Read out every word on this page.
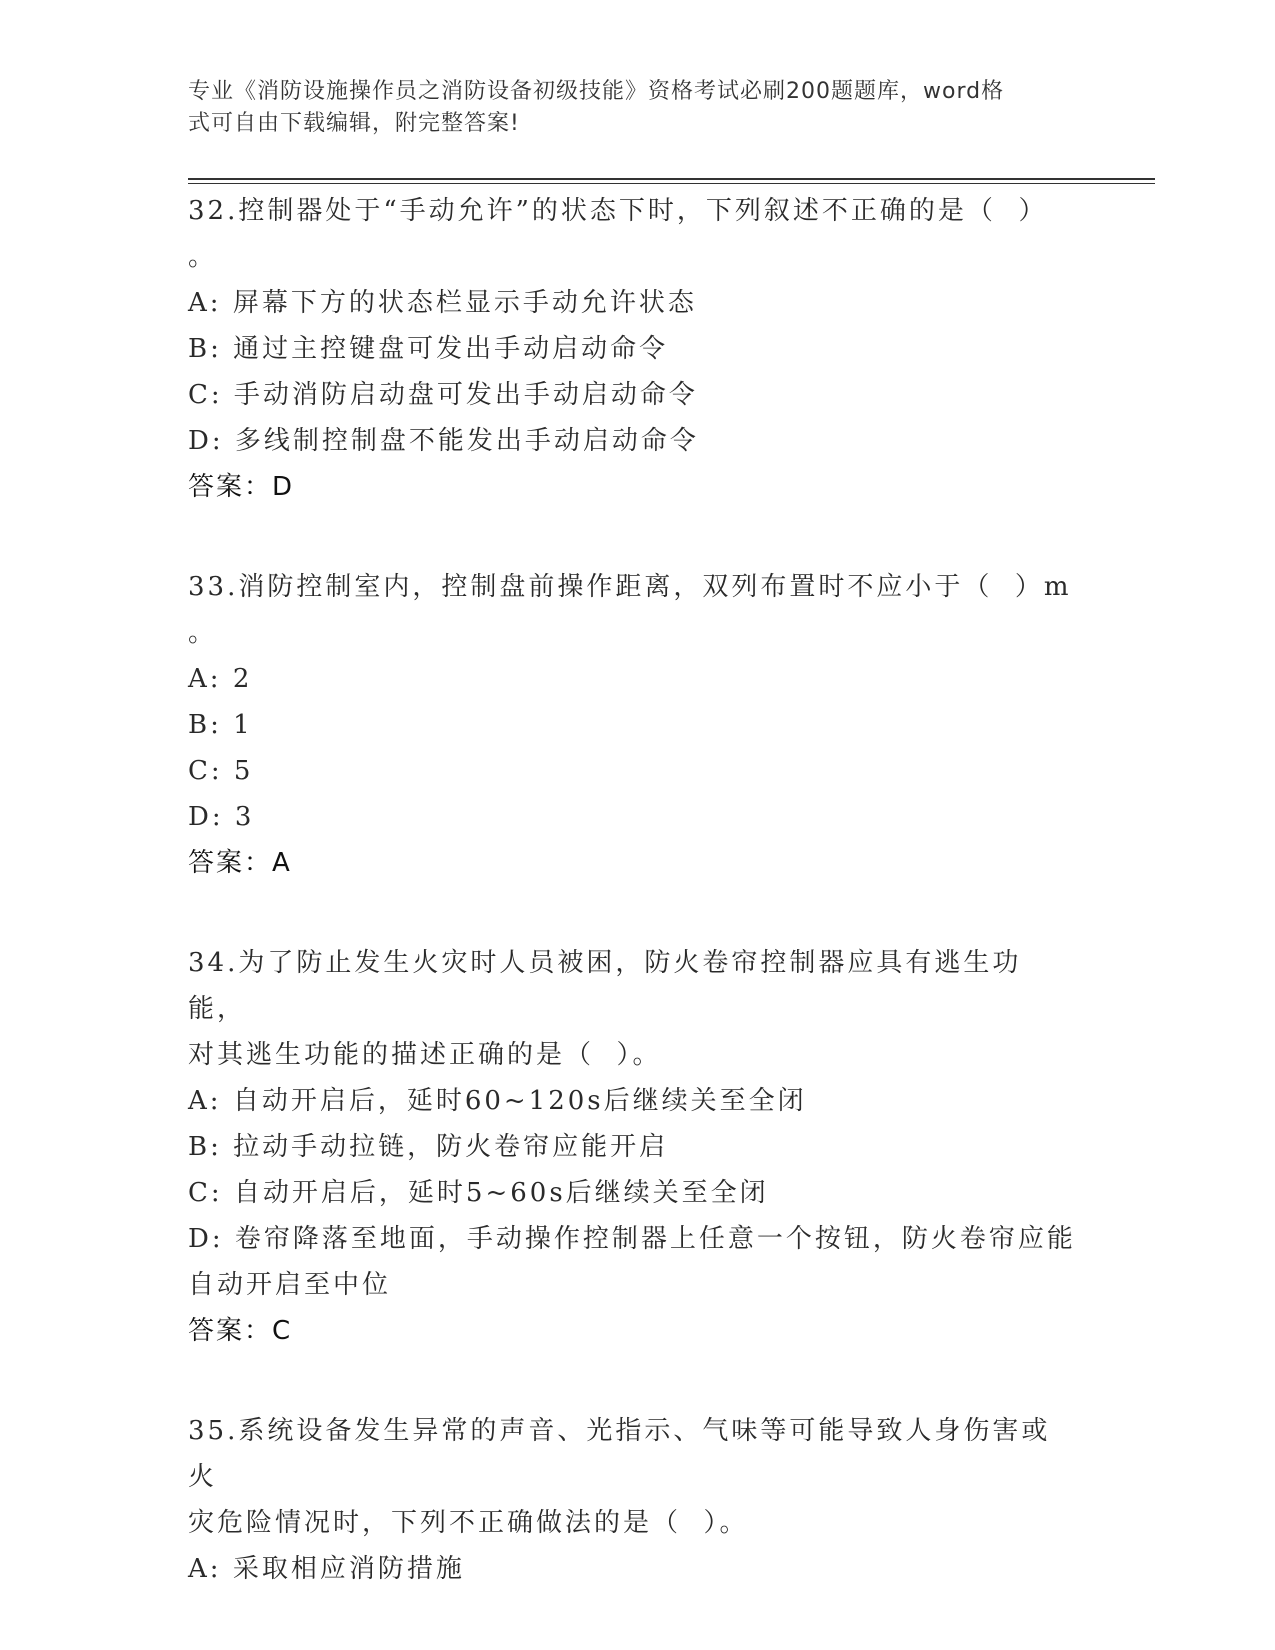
专业《消防设施操作员之消防设备初级技能》资格考试必刷200题题库，word格
式可自由下载编辑，附完整答案!
32.控制器处于“手动允许”的状态下时，下列叙述不正确的是（  ）
。
A:
屏幕下方的状态栏显示手动允许状态
B:
通过主控键盘可发出手动启动命令
C:
手动消防启动盘可发出手动启动命令
D:
多线制控制盘不能发出手动启动命令
答案：D
33.消防控制室内，控制盘前操作距离，双列布置时不应小于（  ）m
。
A:
2
B:
1
C:
5
D:
3
答案：A
34.为了防止发生火灾时人员被困，防火卷帘控制器应具有逃生功能，
对其逃生功能的描述正确的是（  ）。
A:
自动开启后，延时60~120s后继续关至全闭
B:
拉动手动拉链，防火卷帘应能开启
C:
自动开启后，延时5~60s后继续关至全闭
D:
卷帘降落至地面，手动操作控制器上任意一个按钮，防火卷帘应能
自动开启至中位
答案：C
35.系统设备发生异常的声音、光指示、气味等可能导致人身伤害或火
灾危险情况时，下列不正确做法的是（  ）。
A:
采取相应消防措施
